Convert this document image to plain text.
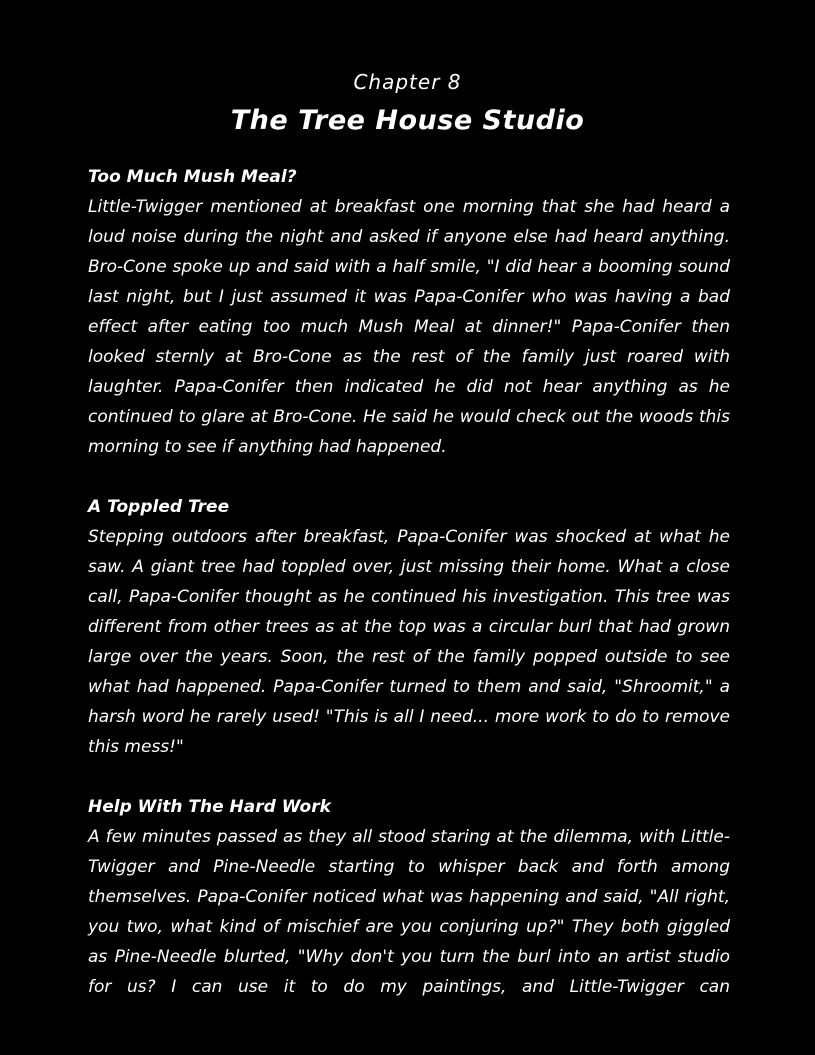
Chapter 8
The Tree House Studio
Too Much Mush Meal?

Little-Twigger mentioned at breakfast one morning that she had heard a loud noise during the night and asked if anyone else had heard anything. Bro-Cone spoke up and said with a half smile, "I did hear a booming sound last night, but I just assumed it was Papa-Conifer who was having a bad effect after eating too much Mush Meal at dinner!" Papa-Conifer then looked sternly at Bro-Cone as the rest of the family just roared with laughter. Papa-Conifer then indicated he did not hear anything as he continued to glare at Bro-Cone. He said he would check out the woods this morning to see if anything had happened.

A Toppled Tree

Stepping outdoors after breakfast, Papa-Conifer was shocked at what he saw. A giant tree had toppled over, just missing their home. What a close call, Papa-Conifer thought as he continued his investigation. This tree was different from other trees as at the top was a circular burl that had grown large over the years. Soon, the rest of the family popped outside to see what had happened. Papa-Conifer turned to them and said, "Shroomit," a harsh word he rarely used! "This is all I need... more work to do to remove this mess!"

Help With The Hard Work

A few minutes passed as they all stood staring at the dilemma, with Little-Twigger and Pine-Needle starting to whisper back and forth among themselves. Papa-Conifer noticed what was happening and said, "All right, you two, what kind of mischief are you conjuring up?" They both giggled as Pine-Needle blurted, "Why don't you turn the burl into an artist studio for us? I can use it to do my paintings, and Little-Twigger can
